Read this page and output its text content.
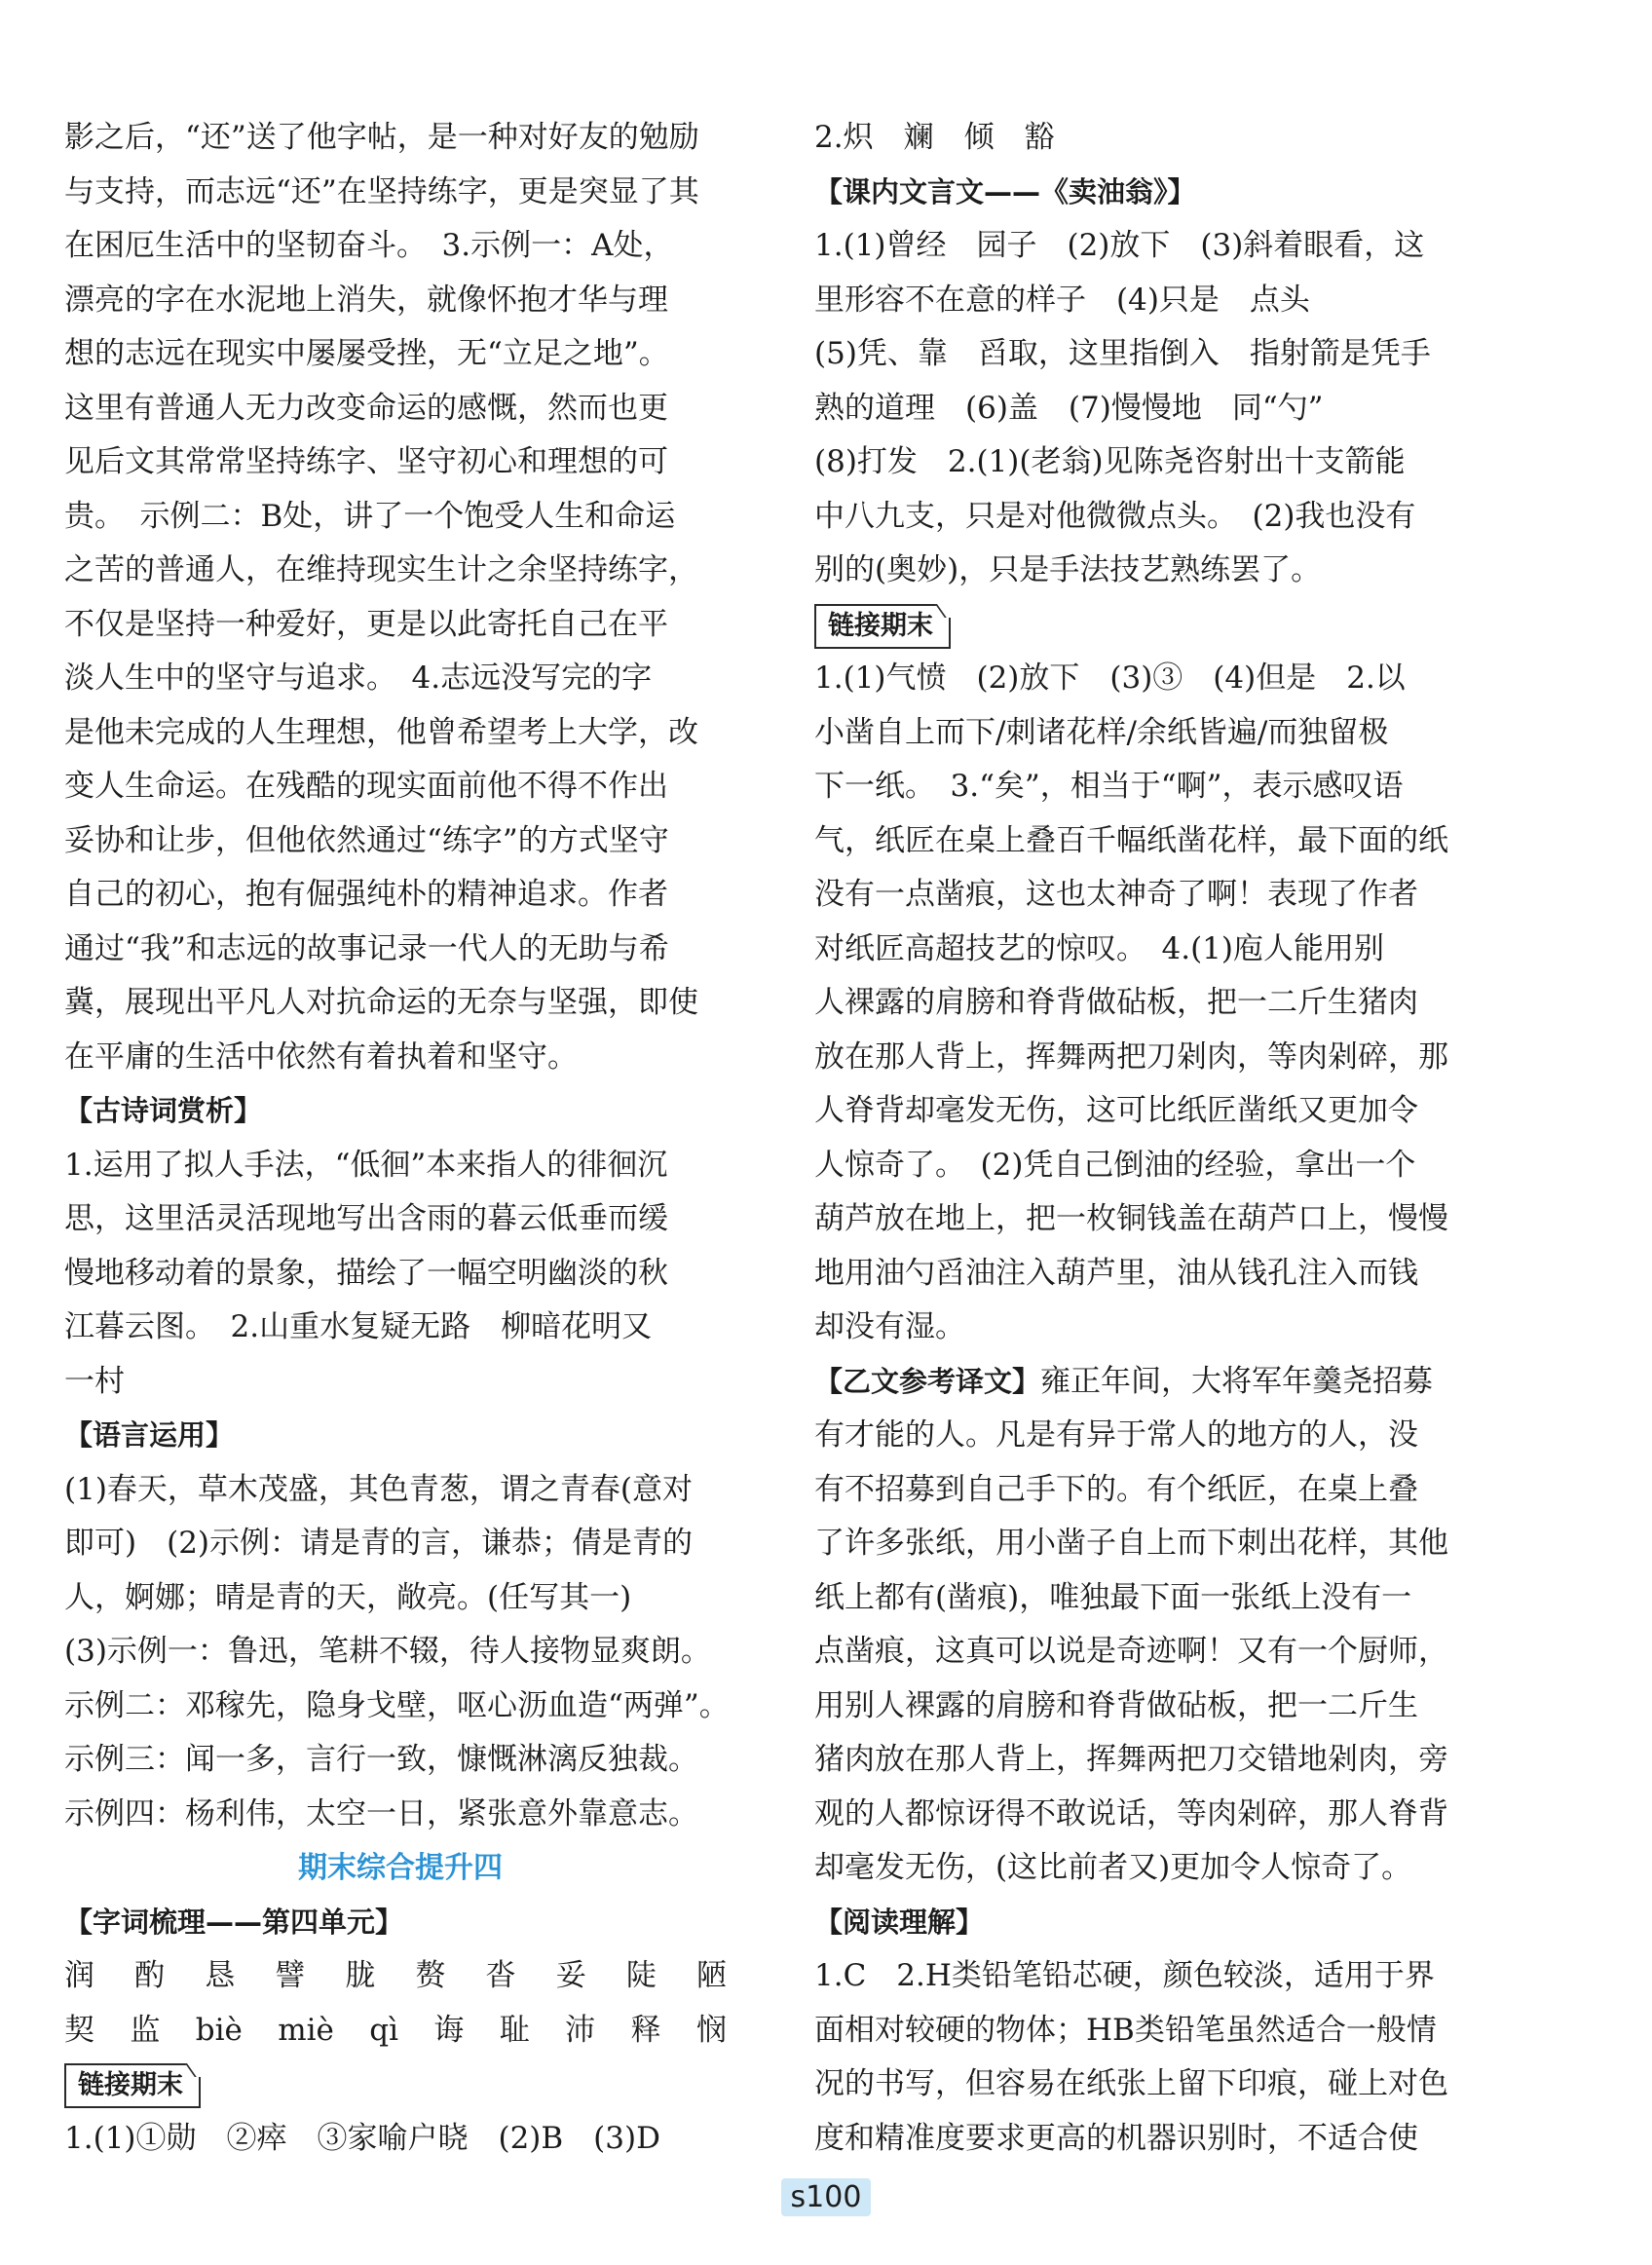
影之后，“还”送了他字帖，是一种对好友的勉励
与支持，而志远“还”在坚持练字，更是突显了其
在困厄生活中的坚韧奋斗。　3.示例一：A处，
漂亮的字在水泥地上消失，就像怀抱才华与理
想的志远在现实中屡屡受挫，无“立足之地”。
这里有普通人无力改变命运的感慨，然而也更
见后文其常常坚持练字、坚守初心和理想的可
贵。　示例二：B处，讲了一个饱受人生和命运
之苦的普通人，在维持现实生计之余坚持练字，
不仅是坚持一种爱好，更是以此寄托自己在平
淡人生中的坚守与追求。　4.志远没写完的字
是他未完成的人生理想，他曾希望考上大学，改
变人生命运。在残酷的现实面前他不得不作出
妥协和让步，但他依然通过“练字”的方式坚守
自己的初心，抱有倔强纯朴的精神追求。作者
通过“我”和志远的故事记录一代人的无助与希
冀，展现出平凡人对抗命运的无奈与坚强，即使
在平庸的生活中依然有着执着和坚守。
【古诗词赏析】
1.运用了拟人手法，“低徊”本来指人的徘徊沉
思，这里活灵活现地写出含雨的暮云低垂而缓
慢地移动着的景象，描绘了一幅空明幽淡的秋
江暮云图。　2.山重水复疑无路　柳暗花明又
一村
【语言运用】
(1)春天，草木茂盛，其色青葱，谓之青春(意对
即可)　(2)示例：请是青的言，谦恭；倩是青的
人，婀娜；晴是青的天，敞亮。(任写其一)
(3)示例一：鲁迅，笔耕不辍，待人接物显爽朗。
示例二：邓稼先，隐身戈壁，呕心沥血造“两弹”。
示例三：闻一多，言行一致，慷慨淋漓反独裁。
示例四：杨利伟，太空一日，紧张意外靠意志。
期末综合提升四
【字词梳理——第四单元】
润 酌 恳 譬 胧 赘 沓 妥 陡 陋
契 监 biè miè qì 诲 耻 沛 释 悯
链接期末
1.(1)①勋　②瘁　③家喻户晓　(2)B　(3)D
2.炽　斓　倾　豁
【课内文言文——《卖油翁》】
1.(1)曾经　园子　(2)放下　(3)斜着眼看，这
里形容不在意的样子　(4)只是　点头
(5)凭、靠　舀取，这里指倒入　指射箭是凭手
熟的道理　(6)盖　(7)慢慢地　同“勺”
(8)打发　2.(1)(老翁)见陈尧咨射出十支箭能
中八九支，只是对他微微点头。　(2)我也没有
别的(奥妙)，只是手法技艺熟练罢了。
链接期末
1.(1)气愤　(2)放下　(3)③　(4)但是　2.以
小凿自上而下/刺诸花样/余纸皆遍/而独留极
下一纸。　3.“矣”，相当于“啊”，表示感叹语
气，纸匠在桌上叠百千幅纸凿花样，最下面的纸
没有一点凿痕，这也太神奇了啊！表现了作者
对纸匠高超技艺的惊叹。　4.(1)庖人能用别
人裸露的肩膀和脊背做砧板，把一二斤生猪肉
放在那人背上，挥舞两把刀剁肉，等肉剁碎，那
人脊背却毫发无伤，这可比纸匠凿纸又更加令
人惊奇了。　(2)凭自己倒油的经验，拿出一个
葫芦放在地上，把一枚铜钱盖在葫芦口上，慢慢
地用油勺舀油注入葫芦里，油从钱孔注入而钱
却没有湿。
【乙文参考译文】雍正年间，大将军年羹尧招募
有才能的人。凡是有异于常人的地方的人，没
有不招募到自己手下的。有个纸匠，在桌上叠
了许多张纸，用小凿子自上而下刺出花样，其他
纸上都有(凿痕)，唯独最下面一张纸上没有一
点凿痕，这真可以说是奇迹啊！又有一个厨师，
用别人裸露的肩膀和脊背做砧板，把一二斤生
猪肉放在那人背上，挥舞两把刀交错地剁肉，旁
观的人都惊讶得不敢说话，等肉剁碎，那人脊背
却毫发无伤，(这比前者又)更加令人惊奇了。
【阅读理解】
1.C　2.H类铅笔铅芯硬，颜色较淡，适用于界
面相对较硬的物体；HB类铅笔虽然适合一般情
况的书写，但容易在纸张上留下印痕，碰上对色
度和精准度要求更高的机器识别时，不适合使
s100
